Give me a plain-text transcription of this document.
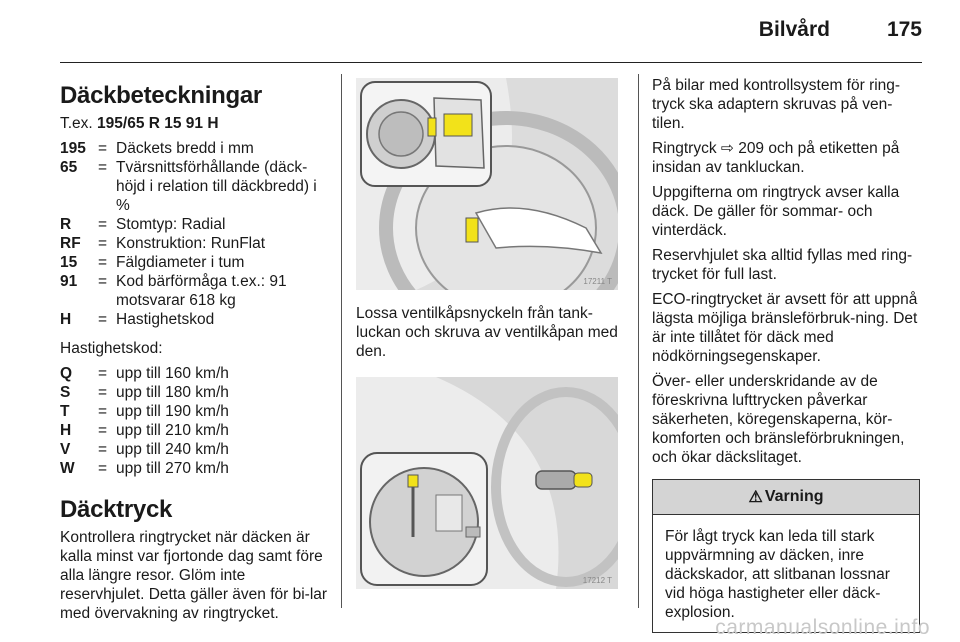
Bilvård	175
Däckbeteckningar
T.ex. 195/65 R 15 91 H
195 = Däckets bredd i mm
65	= Tvärsnittsförhållande (däck-höjd i relation till däckbredd) i %
R	= Stomtyp: Radial
RF	= Konstruktion: RunFlat
15	= Fälgdiameter i tum
91	= Kod bärförmåga t.ex.: 91 motsvarar 618 kg
H	= Hastighetskod
Hastighetskod:
Q	= upp till 160 km/h
S	= upp till 180 km/h
T	= upp till 190 km/h
H	= upp till 210 km/h
V	= upp till 240 km/h
W	= upp till 270 km/h
Däcktryck
Kontrollera ringtrycket när däcken är kalla minst var fjortonde dag samt före alla längre resor. Glöm inte reservhjulet. Detta gäller även för bi-lar med övervakning av ringtrycket.
17211 T
Lossa ventilkåpsnyckeln från tank-luckan och skruva av ventilkåpan med den.
17212 T
På bilar med kontrollsystem för ring-tryck ska adaptern skruvas på ven-tilen.
Ringtryck ⇨ 209 och på etiketten på insidan av tankluckan.
Uppgifterna om ringtryck avser kalla däck. De gäller för sommar- och vinterdäck.
Reservhjulet ska alltid fyllas med ring-trycket för full last.
ECO-ringtrycket är avsett för att uppnå lägsta möjliga bränsleförbruk-ning. Det är inte tillåtet för däck med nödkörningsegenskaper.
Över- eller underskridande av de föreskrivna lufttrycken påverkar säkerheten, köregenskaperna, kör-komforten och bränsleförbrukningen, och ökar däckslitaget.
⚠ Varning
För lågt tryck kan leda till stark uppvärmning av däcken, inre däckskador, att slitbanan lossnar vid höga hastigheter eller däck-explosion.
carmanualsonline.info
